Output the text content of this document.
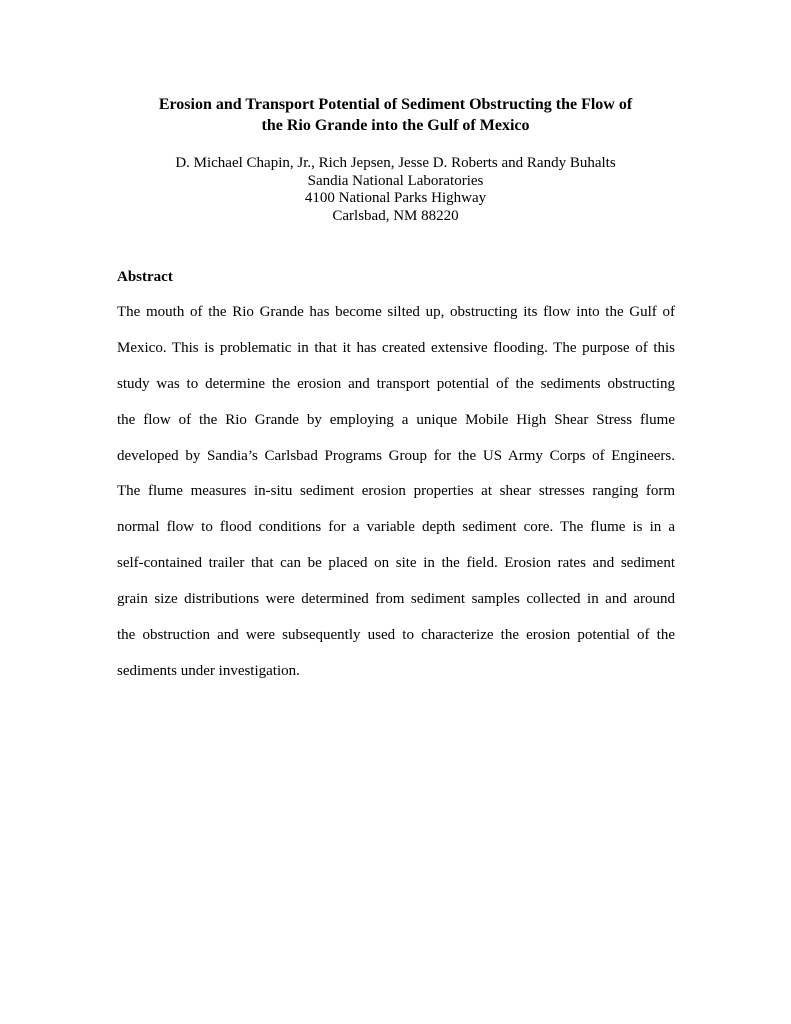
Erosion and Transport Potential of Sediment Obstructing the Flow of
the Rio Grande into the Gulf of Mexico
D. Michael Chapin, Jr., Rich Jepsen, Jesse D. Roberts and Randy Buhalts
Sandia National Laboratories
4100 National Parks Highway
Carlsbad, NM 88220
Abstract
The mouth of the Rio Grande has become silted up, obstructing its flow into the Gulf of
Mexico. This is problematic in that it has created extensive flooding. The purpose of this
study was to determine the erosion and transport potential of the sediments obstructing
the flow of the Rio Grande by employing a unique Mobile High Shear Stress flume
developed by Sandia’s Carlsbad Programs Group for the US Army Corps of Engineers.
The flume measures in-situ sediment erosion properties at shear stresses ranging form
normal flow to flood conditions for a variable depth sediment core. The flume is in a
self-contained trailer that can be placed on site in the field. Erosion rates and sediment
grain size distributions were determined from sediment samples collected in and around
the obstruction and were subsequently used to characterize the erosion potential of the
sediments under investigation.
